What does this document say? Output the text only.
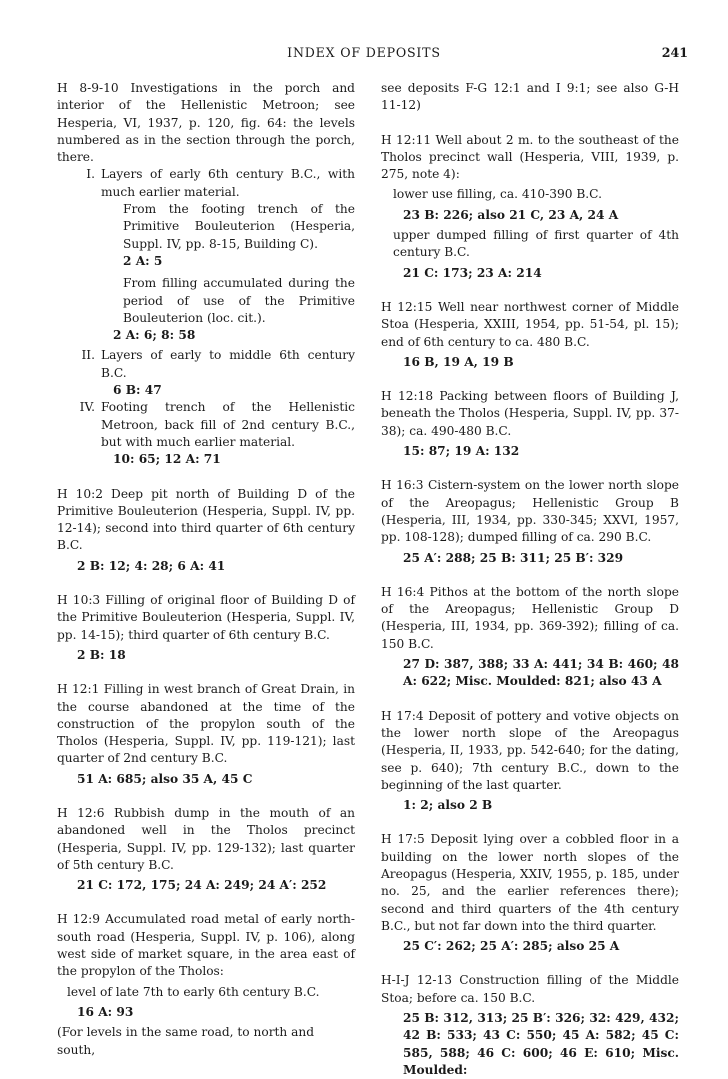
INDEX OF DEPOSITS	241

H 8-9-10 Investigations in the porch and interior of the Hellenistic Metroon; see Hesperia, VI, 1937, p. 120, fig. 64: the levels numbered as in the section through the porch, there.

I. Layers of early 6th century B.C., with much earlier material.
From the footing trench of the Primitive Bouleuterion (Hesperia, Suppl. IV, pp. 8-15, Building C).
2 A: 5
From filling accumulated during the period of use of the Primitive Bouleuterion (loc. cit.).
2 A: 6; 8: 58
II. Layers of early to middle 6th century B.C.
6 B: 47
IV. Footing trench of the Hellenistic Metroon, back fill of 2nd century B.C., but with much earlier material.
10: 65; 12 A: 71

H 10:2 Deep pit north of Building D of the Primitive Bouleuterion (Hesperia, Suppl. IV, pp. 12-14); second into third quarter of 6th century B.C.

2 B: 12; 4: 28; 6 A: 41

H 10:3 Filling of original floor of Building D of the Primitive Bouleuterion (Hesperia, Suppl. IV, pp. 14-15); third quarter of 6th century B.C.

2 B: 18

H 12:1 Filling in west branch of Great Drain, in the course abandoned at the time of the construction of the propylon south of the Tholos (Hesperia, Suppl. IV, pp. 119-121); last quarter of 2nd century B.C.

51 A: 685; also 35 A, 45 C

H 12:6 Rubbish dump in the mouth of an abandoned well in the Tholos precinct (Hesperia, Suppl. IV, pp. 129-132); last quarter of 5th century B.C.

21 C: 172, 175; 24 A: 249; 24 A′: 252

H 12:9 Accumulated road metal of early north-south road (Hesperia, Suppl. IV, p. 106), along west side of market square, in the area east of the propylon of the Tholos:

level of late 7th to early 6th century B.C.
16 A: 93
(For levels in the same road, to north and south,

see deposits F-G 12:1 and I 9:1; see also G-H 11-12)

H 12:11 Well about 2 m. to the southeast of the Tholos precinct wall (Hesperia, VIII, 1939, p. 275, note 4):

lower use filling, ca. 410-390 B.C.
23 B: 226; also 21 C, 23 A, 24 A
upper dumped filling of first quarter of 4th century B.C.
21 C: 173; 23 A: 214

H 12:15 Well near northwest corner of Middle Stoa (Hesperia, XXIII, 1954, pp. 51-54, pl. 15); end of 6th century to ca. 480 B.C.

16 B, 19 A, 19 B

H 12:18 Packing between floors of Building J, beneath the Tholos (Hesperia, Suppl. IV, pp. 37-38); ca. 490-480 B.C.

15: 87; 19 A: 132

H 16:3 Cistern-system on the lower north slope of the Areopagus; Hellenistic Group B (Hesperia, III, 1934, pp. 330-345; XXVI, 1957, pp. 108-128); dumped filling of ca. 290 B.C.

25 A′: 288; 25 B: 311; 25 B′: 329

H 16:4 Pithos at the bottom of the north slope of the Areopagus; Hellenistic Group D (Hesperia, III, 1934, pp. 369-392); filling of ca. 150 B.C.

27 D: 387, 388; 33 A: 441; 34 B: 460; 48 A: 622; Misc. Moulded: 821; also 43 A

H 17:4 Deposit of pottery and votive objects on the lower north slope of the Areopagus (Hesperia, II, 1933, pp. 542-640; for the dating, see p. 640); 7th century B.C., down to the beginning of the last quarter.

1: 2; also 2 B

H 17:5 Deposit lying over a cobbled floor in a building on the lower north slopes of the Areopagus (Hesperia, XXIV, 1955, p. 185, under no. 25, and the earlier references there); second and third quarters of the 4th century B.C., but not far down into the third quarter.

25 C′: 262; 25 A′: 285; also 25 A

H-I-J 12-13 Construction filling of the Middle Stoa; before ca. 150 B.C.

25 B: 312, 313; 25 B′: 326; 32: 429, 432; 42 B: 533; 43 C: 550; 45 A: 582; 45 C: 585, 588; 46 C: 600; 46 E: 610; Misc. Moulded:
